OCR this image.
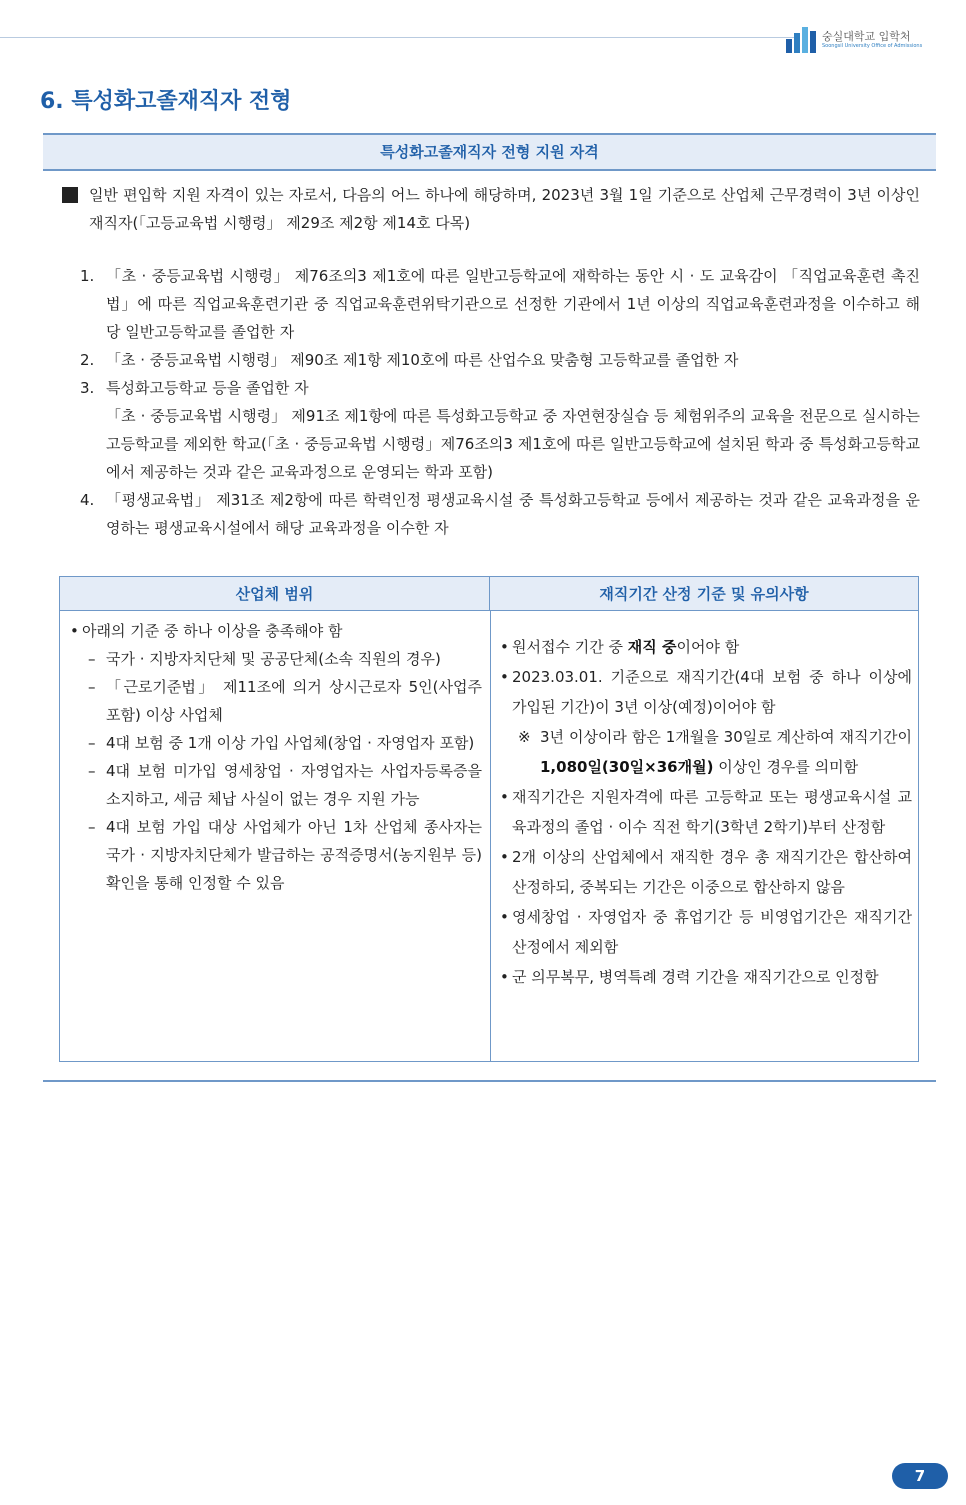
숭실대학교 입학처
Soongsil University Office of Admissions
6. 특성화고졸재직자 전형
특성화고졸재직자 전형 지원 자격
일반 편입학 지원 자격이 있는 자로서, 다음의 어느 하나에 해당하며, 2023년 3월 1일 기준으로 산업체 근무경력이 3년 이상인 재직자(「고등교육법 시행령」 제29조 제2항 제14호 다목)
1. 「초 · 중등교육법 시행령」 제76조의3 제1호에 따른 일반고등학교에 재학하는 동안 시 · 도 교육감이 「직업교육훈련 촉진법」에 따른 직업교육훈련기관 중 직업교육훈련위탁기관으로 선정한 기관에서 1년 이상의 직업교육훈련과정을 이수하고 해당 일반고등학교를 졸업한 자
2. 「초 · 중등교육법 시행령」 제90조 제1항 제10호에 따른 산업수요 맞춤형 고등학교를 졸업한 자
3. 특성화고등학교 등을 졸업한 자
「초 · 중등교육법 시행령」 제91조 제1항에 따른 특성화고등학교 중 자연현장실습 등 체험위주의 교육을 전문으로 실시하는 고등학교를 제외한 학교(「초 · 중등교육법 시행령」제76조의3 제1호에 따른 일반고등학교에 설치된 학과 중 특성화고등학교에서 제공하는 것과 같은 교육과정으로 운영되는 학과 포함)
4. 「평생교육법」 제31조 제2항에 따른 학력인정 평생교육시설 중 특성화고등학교 등에서 제공하는 것과 같은 교육과정을 운영하는 평생교육시설에서 해당 교육과정을 이수한 자
산업체 범위	재직기간 산정 기준 및 유의사항
• 아래의 기준 중 하나 이상을 충족해야 함
– 국가 · 지방자치단체 및 공공단체(소속 직원의 경우)
– 「근로기준법」 제11조에 의거 상시근로자 5인(사업주 포함) 이상 사업체
– 4대 보험 중 1개 이상 가입 사업체(창업 · 자영업자 포함)
– 4대 보험 미가입 영세창업 · 자영업자는 사업자등록증을 소지하고, 세금 체납 사실이 없는 경우 지원 가능
– 4대 보험 가입 대상 사업체가 아닌 1차 산업체 종사자는 국가 · 지방자치단체가 발급하는 공적증명서(농지원부 등) 확인을 통해 인정할 수 있음
• 원서접수 기간 중 재직 중이어야 함
• 2023.03.01. 기준으로 재직기간(4대 보험 중 하나 이상에 가입된 기간)이 3년 이상(예정)이어야 함
※ 3년 이상이라 함은 1개월을 30일로 계산하여 재직기간이 1,080일(30일×36개월) 이상인 경우를 의미함
• 재직기간은 지원자격에 따른 고등학교 또는 평생교육시설 교육과정의 졸업 · 이수 직전 학기(3학년 2학기)부터 산정함
• 2개 이상의 산업체에서 재직한 경우 총 재직기간은 합산하여 산정하되, 중복되는 기간은 이중으로 합산하지 않음
• 영세창업 · 자영업자 중 휴업기간 등 비영업기간은 재직기간 산정에서 제외함
• 군 의무복무, 병역특례 경력 기간을 재직기간으로 인정함
7
